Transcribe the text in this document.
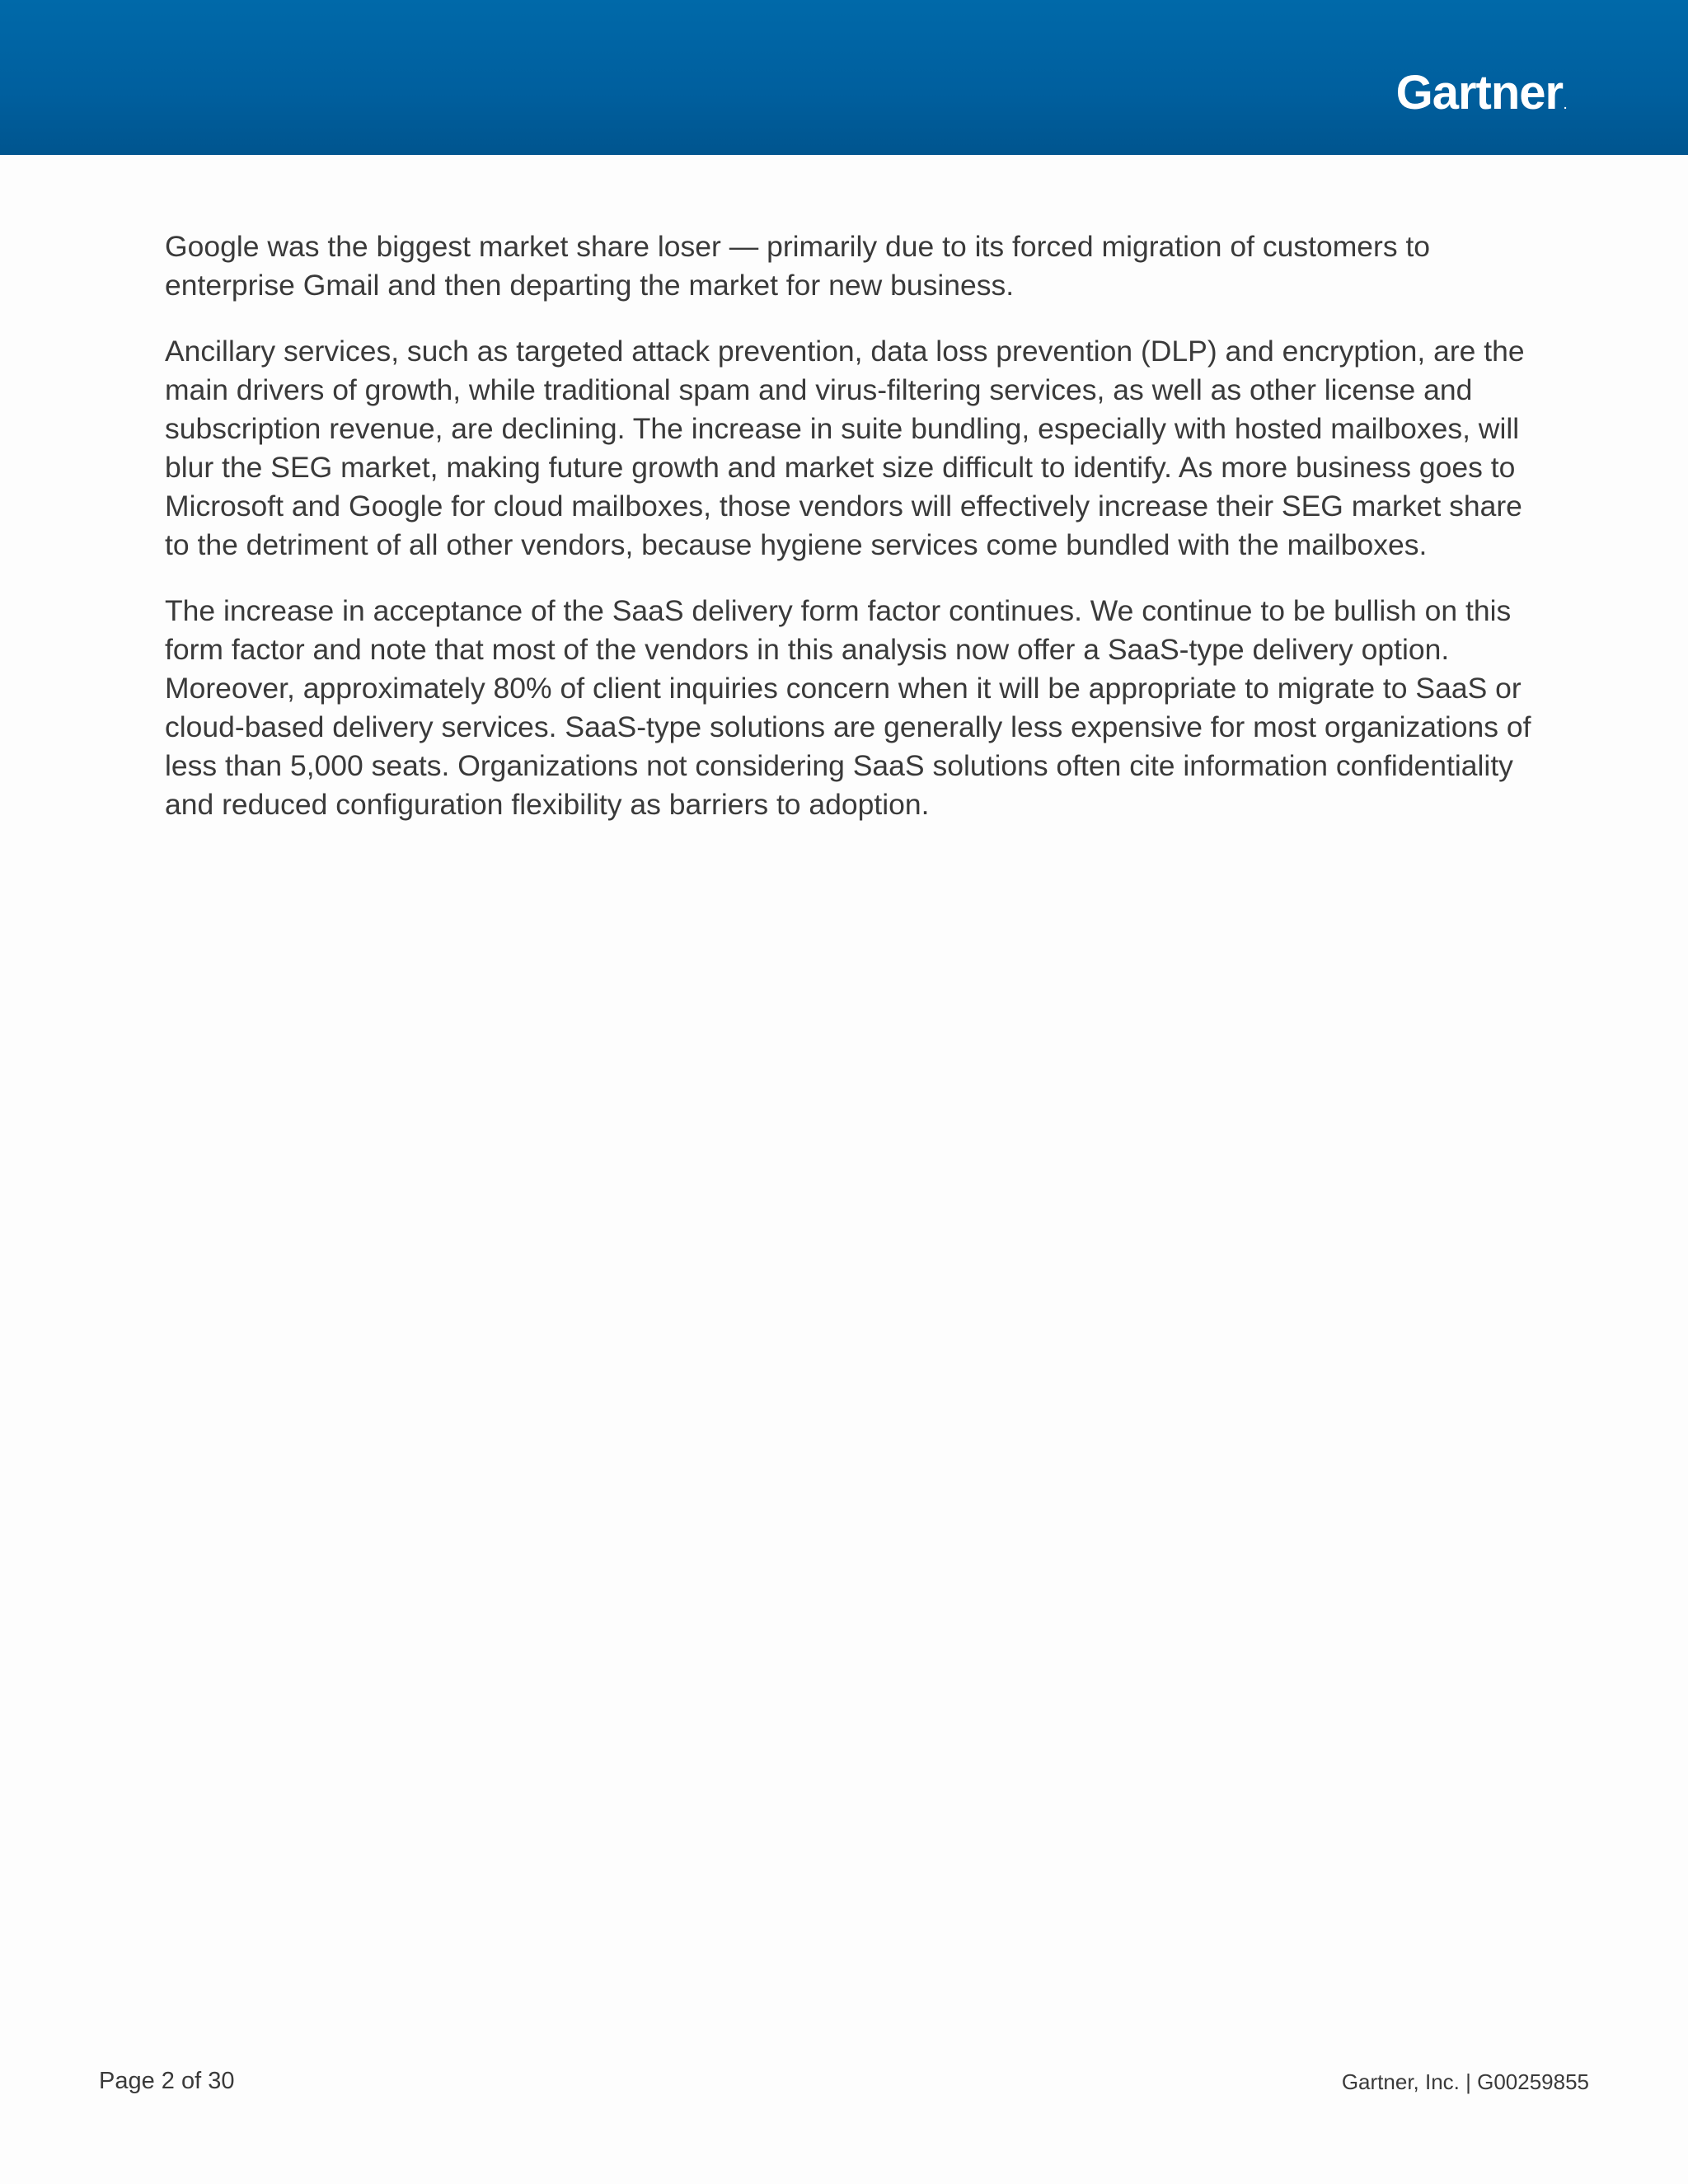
Gartner.

Google was the biggest market share loser — primarily due to its forced migration of customers to enterprise Gmail and then departing the market for new business.

Ancillary services, such as targeted attack prevention, data loss prevention (DLP) and encryption, are the main drivers of growth, while traditional spam and virus-filtering services, as well as other license and subscription revenue, are declining. The increase in suite bundling, especially with hosted mailboxes, will blur the SEG market, making future growth and market size difficult to identify. As more business goes to Microsoft and Google for cloud mailboxes, those vendors will effectively increase their SEG market share to the detriment of all other vendors, because hygiene services come bundled with the mailboxes.

The increase in acceptance of the SaaS delivery form factor continues. We continue to be bullish on this form factor and note that most of the vendors in this analysis now offer a SaaS-type delivery option. Moreover, approximately 80% of client inquiries concern when it will be appropriate to migrate to SaaS or cloud-based delivery services. SaaS-type solutions are generally less expensive for most organizations of less than 5,000 seats. Organizations not considering SaaS solutions often cite information confidentiality and reduced configuration flexibility as barriers to adoption.

Page 2 of 30	Gartner, Inc. | G00259855
